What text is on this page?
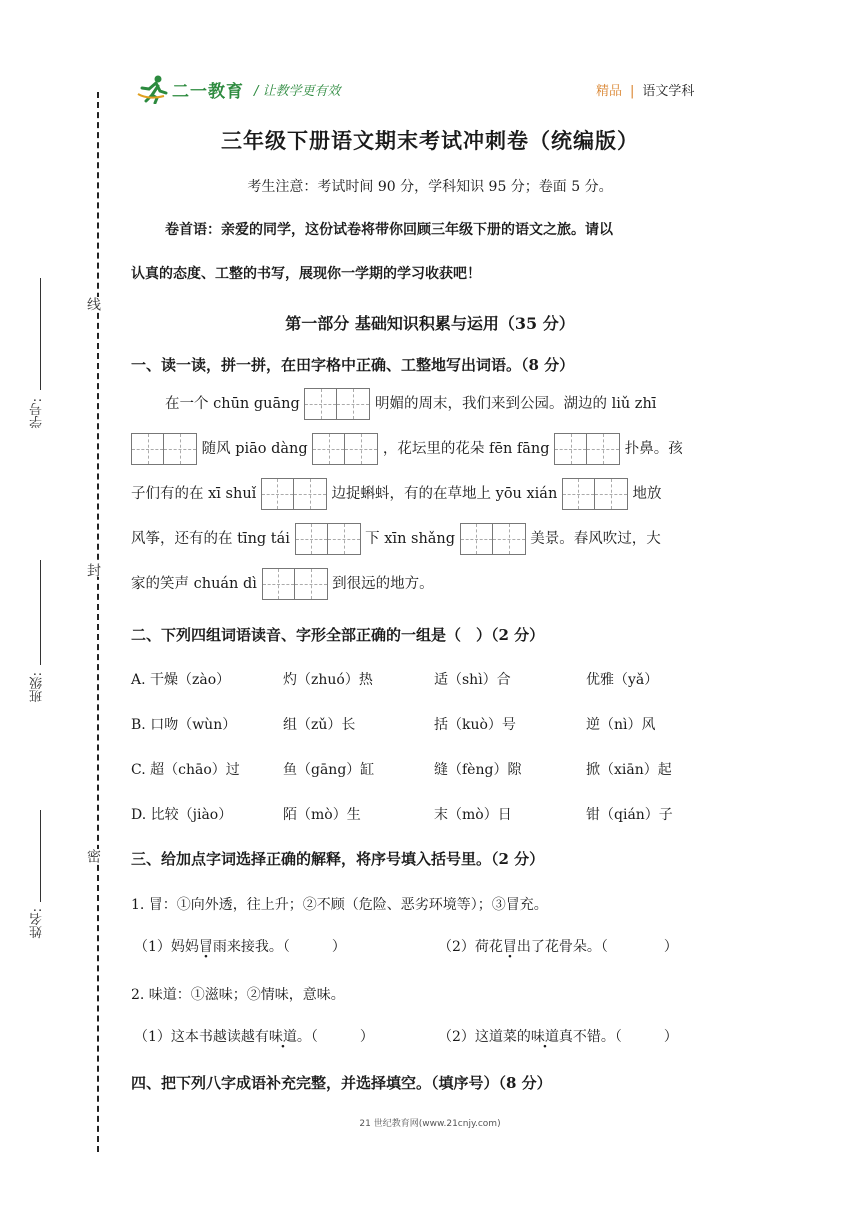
二一教育 / 让教学更有效	精品 | 语文学科
线
封
密
学号:
班级:
姓名:
三年级下册语文期末考试冲刺卷（统编版）
考生注意：考试时间 90 分，学科知识 95 分；卷面 5 分。
卷首语：亲爱的同学，这份试卷将带你回顾三年级下册的语文之旅。请以
认真的态度、工整的书写，展现你一学期的学习收获吧！
第一部分 基础知识积累与运用（35 分）
一、读一读，拼一拼，在田字格中正确、工整地写出词语。（8 分）
在一个 chūn guāng	明媚的周末，我们来到公园。湖边的 liǔ zhī
随风 piāo dàng	，花坛里的花朵 fēn fāng	扑鼻。孩
子们有的在 xī shuǐ	边捉蝌蚪，有的在草地上 yōu xián	地放
风筝，还有的在 tīng tái	下 xīn shǎng	美景。春风吹过，大
家的笑声 chuán dì	到很远的地方。
二、下列四组词语读音、字形全部正确的一组是（　）（2 分）
A. 干燥（zào）	灼（zhuó）热	适（shì）合	优雅（yǎ）
B. 口吻（wùn）	组（zǔ）长	括（kuò）号	逆（nì）风
C. 超（chāo）过	鱼（gāng）缸	缝（fèng）隙	掀（xiān）起
D. 比较（jiào）	陌（mò）生	末（mò）日	钳（qián）子
三、给加点字词选择正确的解释，将序号填入括号里。（2 分）
1. 冒：①向外透，往上升；②不顾（危险、恶劣环境等）；③冒充。
（1）妈妈冒雨来接我。（　　　）	（2）荷花冒出了花骨朵。（　　　　）
2. 味道：①滋味；②情味，意味。
（1）这本书越读越有味道。（　　　）	（2）这道菜的味道真不错。（　　　）
四、把下列八字成语补充完整，并选择填空。（填序号）（8 分）
21 世纪教育网(www.21cnjy.com)
